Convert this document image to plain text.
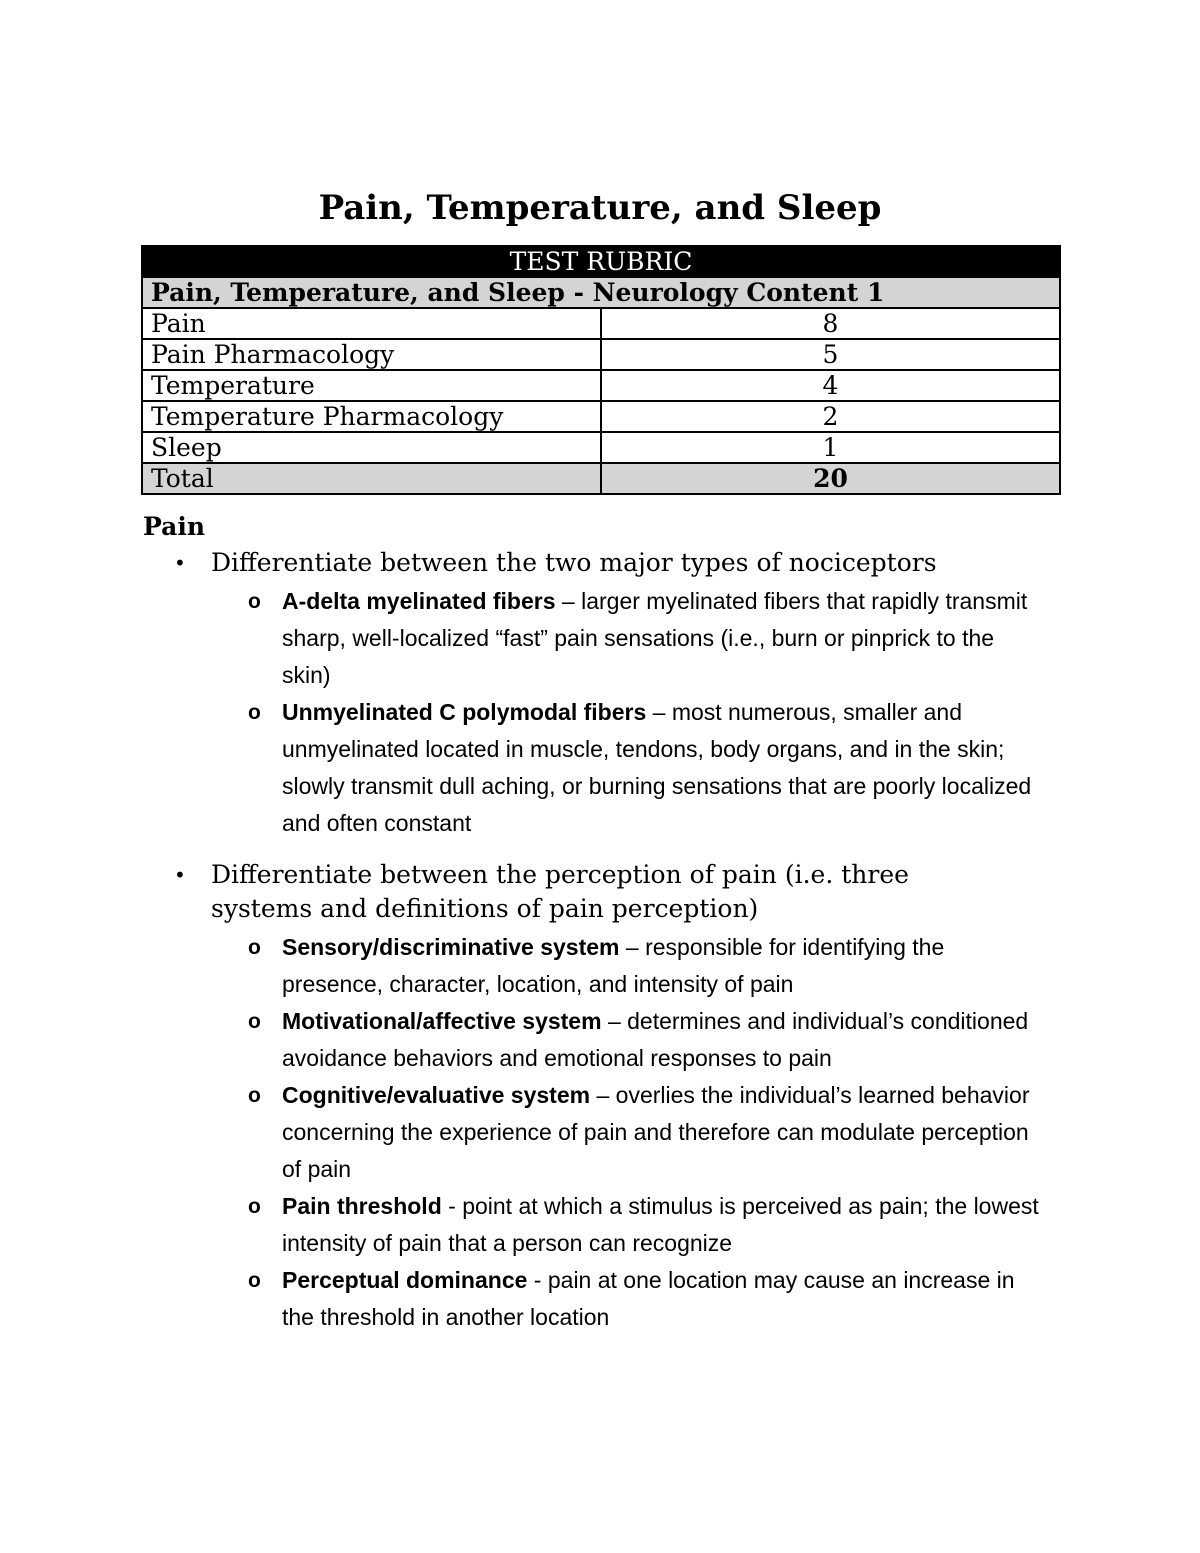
Pain, Temperature, and Sleep
TEST RUBRIC	
Pain, Temperature, and Sleep - Neurology Content 1	
Pain	8
Pain Pharmacology	5
Temperature	4
Temperature Pharmacology	2
Sleep	1
Total	20
Pain
• Differentiate between the two major types of nociceptors

o A-delta myelinated fibers – larger myelinated fibers that rapidly transmit sharp, well-localized “fast” pain sensations (i.e., burn or pinprick to the skin)

o Unmyelinated C polymodal fibers – most numerous, smaller and unmyelinated located in muscle, tendons, body organs, and in the skin; slowly transmit dull aching, or burning sensations that are poorly localized and often constant

• Differentiate between the perception of pain (i.e. three systems and definitions of pain perception)

o Sensory/discriminative system – responsible for identifying the presence, character, location, and intensity of pain

o Motivational/affective system – determines and individual’s conditioned avoidance behaviors and emotional responses to pain

o Cognitive/evaluative system – overlies the individual’s learned behavior concerning the experience of pain and therefore can modulate perception of pain

o Pain threshold - point at which a stimulus is perceived as pain; the lowest intensity of pain that a person can recognize

o Perceptual dominance - pain at one location may cause an increase in the threshold in another location
